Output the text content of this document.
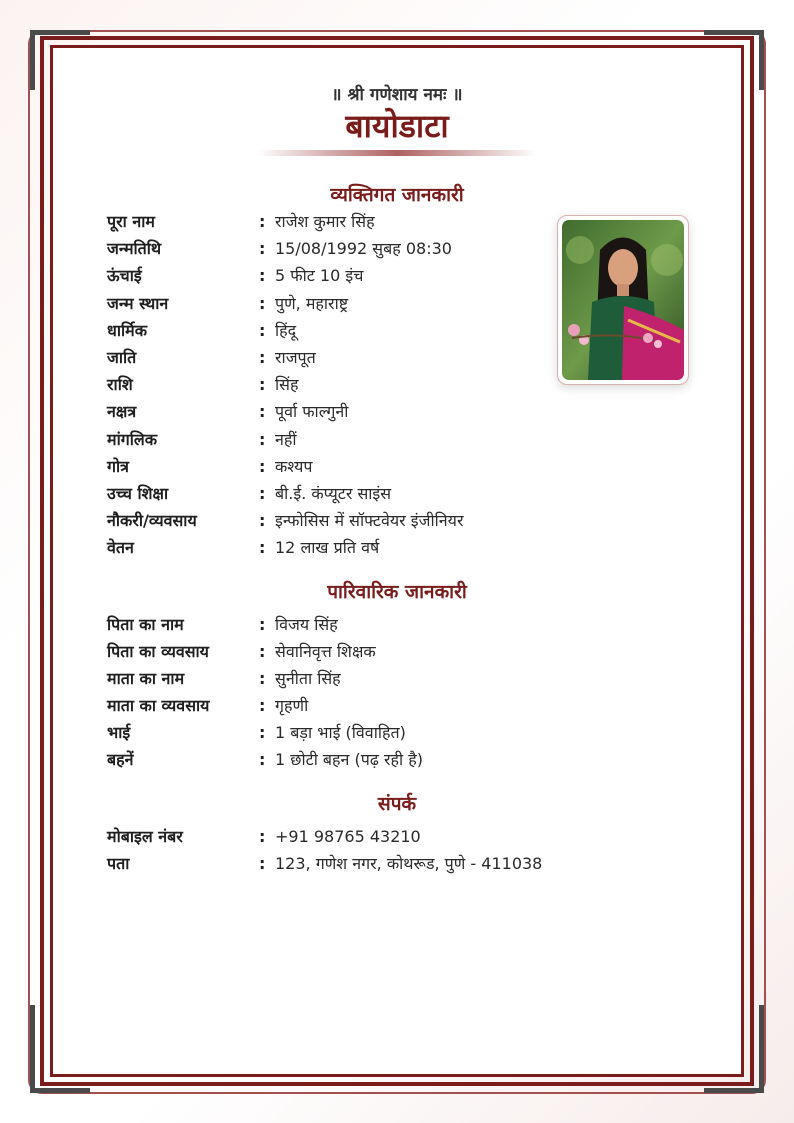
॥ श्री गणेशाय नमः ॥
बायोडाटा
व्यक्तिगत जानकारी
पारिवारिक जानकारी
संपर्क
पूरा नाम	: राजेश कुमार सिंह
जन्मतिथि	: 15/08/1992 सुबह 08:30
ऊंचाई	: 5 फीट 10 इंच
जन्म स्थान	: पुणे, महाराष्ट्र
धार्मिक	: हिंदू
जाति	: राजपूत
राशि	: सिंह
नक्षत्र	: पूर्वा फाल्गुनी
मांगलिक	: नहीं
गोत्र	: कश्यप
उच्च शिक्षा	: बी.ई. कंप्यूटर साइंस
नौकरी/व्यवसाय	: इन्फोसिस में सॉफ्टवेयर इंजीनियर
वेतन	: 12 लाख प्रति वर्ष
पिता का नाम	: विजय सिंह
पिता का व्यवसाय	: सेवानिवृत्त शिक्षक
माता का नाम	: सुनीता सिंह
माता का व्यवसाय	: गृहणी
भाई	: 1 बड़ा भाई (विवाहित)
बहनें	: 1 छोटी बहन (पढ़ रही है)
मोबाइल नंबर	: +91 98765 43210
पता	: 123, गणेश नगर, कोथरूड, पुणे - 411038
